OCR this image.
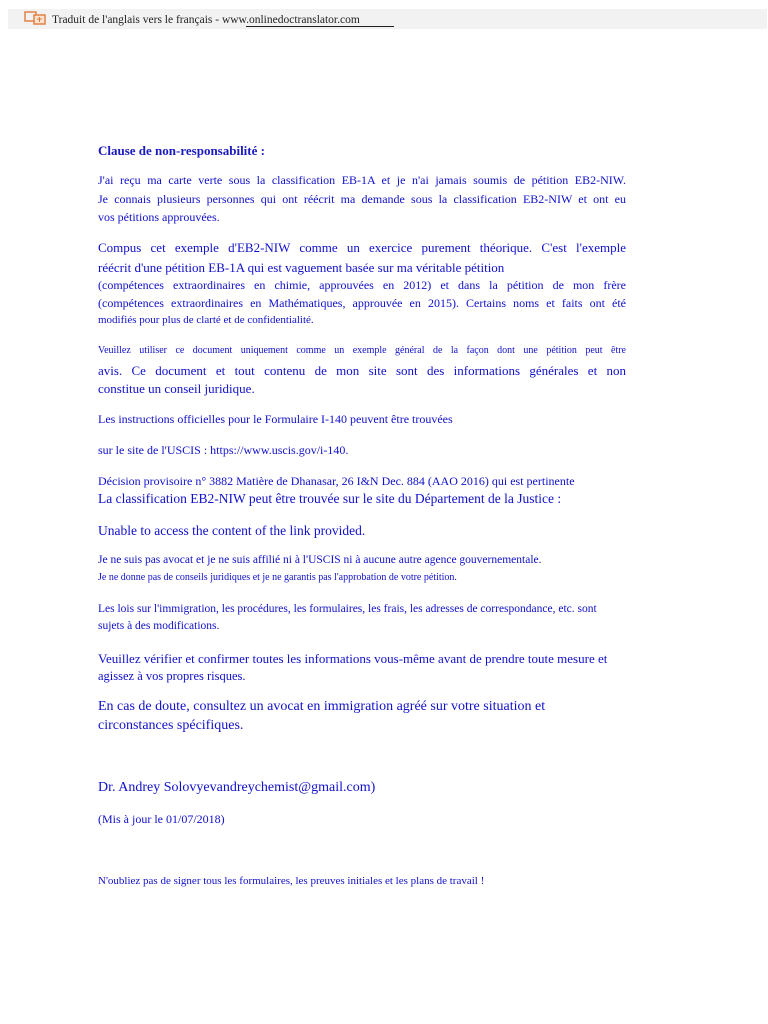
Traduit de l'anglais vers le français - www.onlinedoctranslator.com
Clause de non-responsabilité :
J'ai reçu ma carte verte sous la classification EB-1A et je n'ai jamais soumis de pétition EB2-NIW.
Je connais plusieurs personnes qui ont réécrit ma demande sous la classification EB2-NIW et ont eu
vos pétitions approuvées.
Compus cet exemple d'EB2-NIW comme un exercice purement théorique. C'est l'exemple
réécrit d'une pétition EB-1A qui est vaguement basée sur ma véritable pétition
(compétences extraordinaires en chimie, approuvées en 2012) et dans la pétition de mon frère
(compétences extraordinaires en Mathématiques, approuvée en 2015). Certains noms et faits ont été
modifiés pour plus de clarté et de confidentialité.
Veuillez utiliser ce document uniquement comme un exemple général de la façon dont une pétition peut être
avis. Ce document et tout contenu de mon site sont des informations générales et non
constitue un conseil juridique.
Les instructions officielles pour le Formulaire I-140 peuvent être trouvées
sur le site de l'USCIS : https://www.uscis.gov/i-140.
Décision provisoire n° 3882 Matière de Dhanasar, 26 I&N Dec. 884 (AAO 2016) qui est pertinente
La classification EB2-NIW peut être trouvée sur le site du Département de la Justice :
Unable to access the content of the link provided.
Je ne suis pas avocat et je ne suis affilié ni à l'USCIS ni à aucune autre agence gouvernementale.
Je ne donne pas de conseils juridiques et je ne garantis pas l'approbation de votre pétition.
Les lois sur l'immigration, les procédures, les formulaires, les frais, les adresses de correspondance, etc. sont
sujets à des modifications.
Veuillez vérifier et confirmer toutes les informations vous-même avant de prendre toute mesure et
agissez à vos propres risques.
En cas de doute, consultez un avocat en immigration agréé sur votre situation et
circonstances spécifiques.
Dr. Andrey Solovyevandreychemist@gmail.com)
(Mis à jour le 01/07/2018)
N'oubliez pas de signer tous les formulaires, les preuves initiales et les plans de travail !
